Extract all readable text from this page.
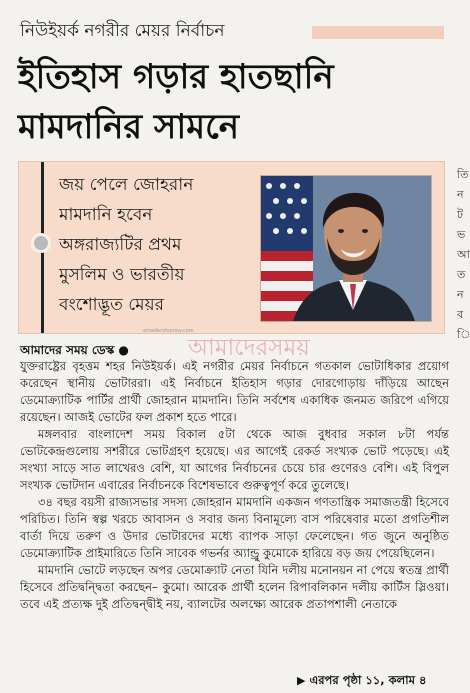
নিউইয়র্ক নগরীর মেয়র নির্বাচন
ইতিহাস গড়ার হাতছানি
মামদানির সামনে
তি ন ট ভ আ ত ন ব ি
জয় পেলে জোহরান
মামদানি হবেন
অঙ্গরাজ্যটির প্রথম
মুসলিম ও ভারতীয়
বংশোদ্ভূত মেয়র
আমাদের সময় ডেস্ক ●
amadershomoy.com
আমাদেরসময়

যুক্তরাষ্ট্রের বৃহত্তম শহর নিউইয়র্ক। এই নগরীর মেয়র নির্বাচনে গতকাল ভোটাধিকার প্রয়োগ করেছেন স্থানীয় ভোটাররা। এই নির্বাচনে ইতিহাস গড়ার দোরগোড়ায় দাঁড়িয়ে আছেন ডেমোক্র্যাটিক পার্টির প্রার্থী জোহরান মামদানি। তিনি সর্বশেষ একাধিক জনমত জরিপে এগিয়ে রয়েছেন। আজই ভোটের ফল প্রকাশ হতে পারে।

মঙ্গলবার বাংলাদেশ সময় বিকাল ৫টা থেকে আজ বুধবার সকাল ৮টা পর্যন্ত ভোটকেন্দ্রগুলোয় সশরীরে ভোটগ্রহণ হয়েছে। এর আগেই রেকর্ড সংখ্যক ভোট পড়েছে। এই সংখ্যা সাড়ে সাত লাখেরও বেশি, যা আগের নির্বাচনের চেয়ে চার গুণেরও বেশি। এই বিপুল সংখ্যক ভোটদান এবারের নির্বাচনকে বিশেষভাবে গুরুত্বপূর্ণ করে তুলেছে।

৩৪ বছর বয়সী রাজ্যসভার সদস্য জোহরান মামদানি একজন গণতান্ত্রিক সমাজতন্ত্রী হিসেবে পরিচিত। তিনি স্বল্প খরচে আবাসন ও সবার জন্য বিনামূল্যে বাস পরিষেবার মতো প্রগতিশীল বার্তা দিয়ে তরুণ ও উদার ভোটারদের মধ্যে ব্যাপক সাড়া ফেলেছেন। গত জুনে অনুষ্ঠিত ডেমোক্র্যাটিক প্রাইমারিতে তিনি সাবেক গভর্নর অ্যান্ড্রু কুমোকে হারিয়ে বড় জয় পেয়েছিলেন।

মামদানি ভোটে লড়ছেন অপর ডেমোক্র্যাট নেতা যিনি দলীয় মনোনয়ন না পেয়ে স্বতন্ত্র প্রার্থী হিসেবে প্রতিদ্বন্দ্বিতা করছেন– কুমো। আরেক প্রার্থী হলেন রিপাবলিকান দলীয় কার্টিস স্লিওয়া। তবে এই প্রত্যক্ষ দুই প্রতিদ্বন্দ্বীই নয়, ব্যালটের অলক্ষ্যে আরেক প্রতাপশালী নেতাকে

▶ এরপর পৃষ্ঠা ১১, কলাম ৪
